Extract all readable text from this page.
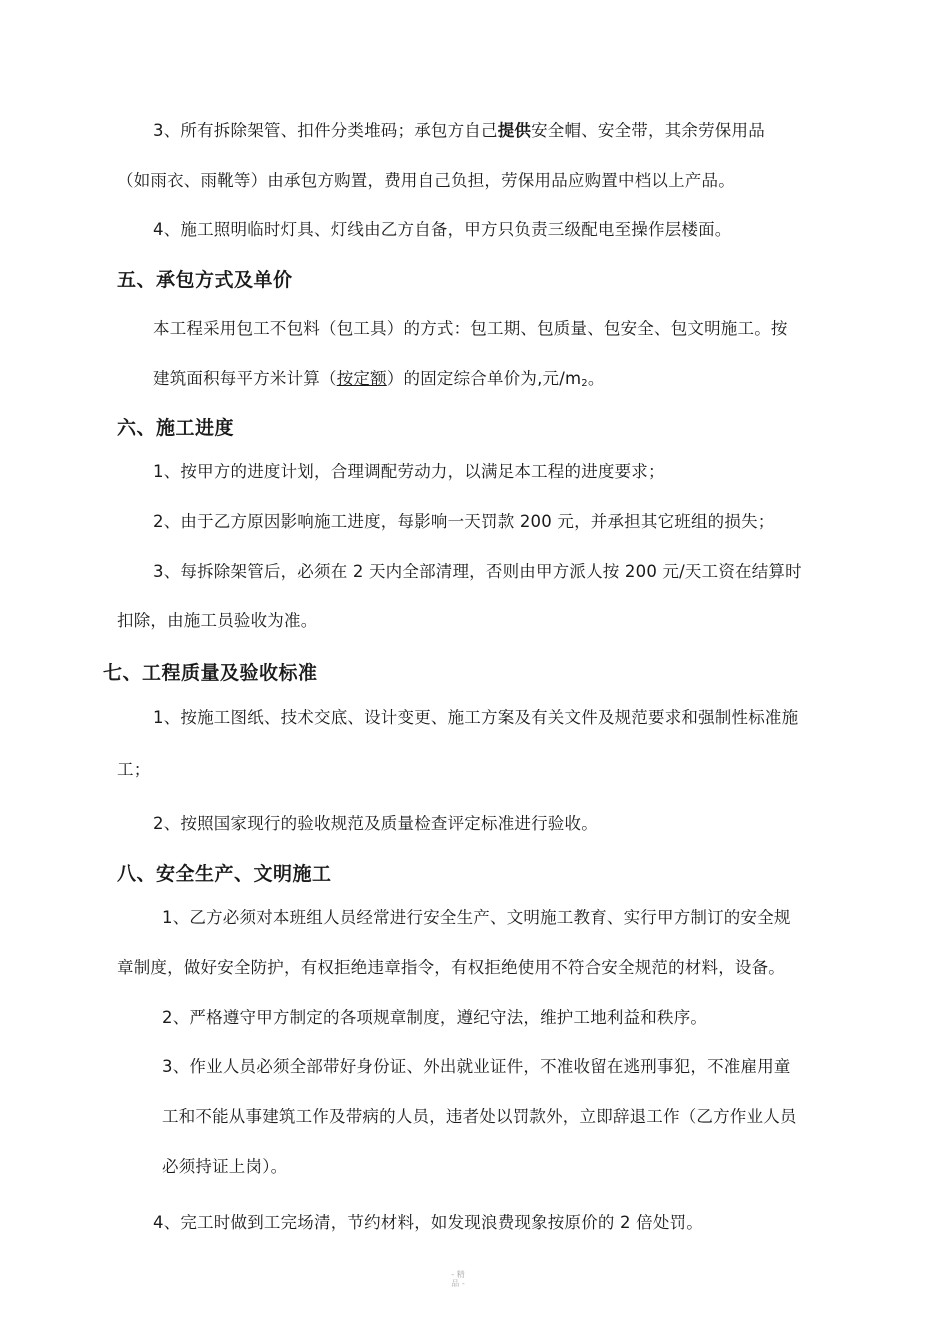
3、所有拆除架管、扣件分类堆码；承包方自己提供安全帽、安全带，其余劳保用品
（如雨衣、雨靴等）由承包方购置，费用自己负担，劳保用品应购置中档以上产品。
4、施工照明临时灯具、灯线由乙方自备，甲方只负责三级配电至操作层楼面。
五、承包方式及单价
本工程采用包工不包料（包工具）的方式：包工期、包质量、包安全、包文明施工。按
建筑面积每平方米计算（按定额）的固定综合单价为,元$/m_2$。
六、施工进度
1、按甲方的进度计划，合理调配劳动力，以满足本工程的进度要求；
2、由于乙方原因影响施工进度，每影响一天罚款 200 元，并承担其它班组的损失；
3、每拆除架管后，必须在 2 天内全部清理，否则由甲方派人按 200 元/天工资在结算时
扣除，由施工员验收为准。
七、工程质量及验收标准
1、按施工图纸、技术交底、设计变更、施工方案及有关文件及规范要求和强制性标准施
工；
2、按照国家现行的验收规范及质量检查评定标准进行验收。
八、安全生产、文明施工
1、乙方必须对本班组人员经常进行安全生产、文明施工教育、实行甲方制订的安全规
章制度，做好安全防护，有权拒绝违章指令，有权拒绝使用不符合安全规范的材料，设备。
2、严格遵守甲方制定的各项规章制度，遵纪守法，维护工地利益和秩序。
3、作业人员必须全部带好身份证、外出就业证件，不准收留在逃刑事犯，不准雇用童
工和不能从事建筑工作及带病的人员，违者处以罚款外，立即辞退工作（乙方作业人员
必须持证上岗）。
4、完工时做到工完场清，节约材料，如发现浪费现象按原价的 2 倍处罚。
- 精
品 -
